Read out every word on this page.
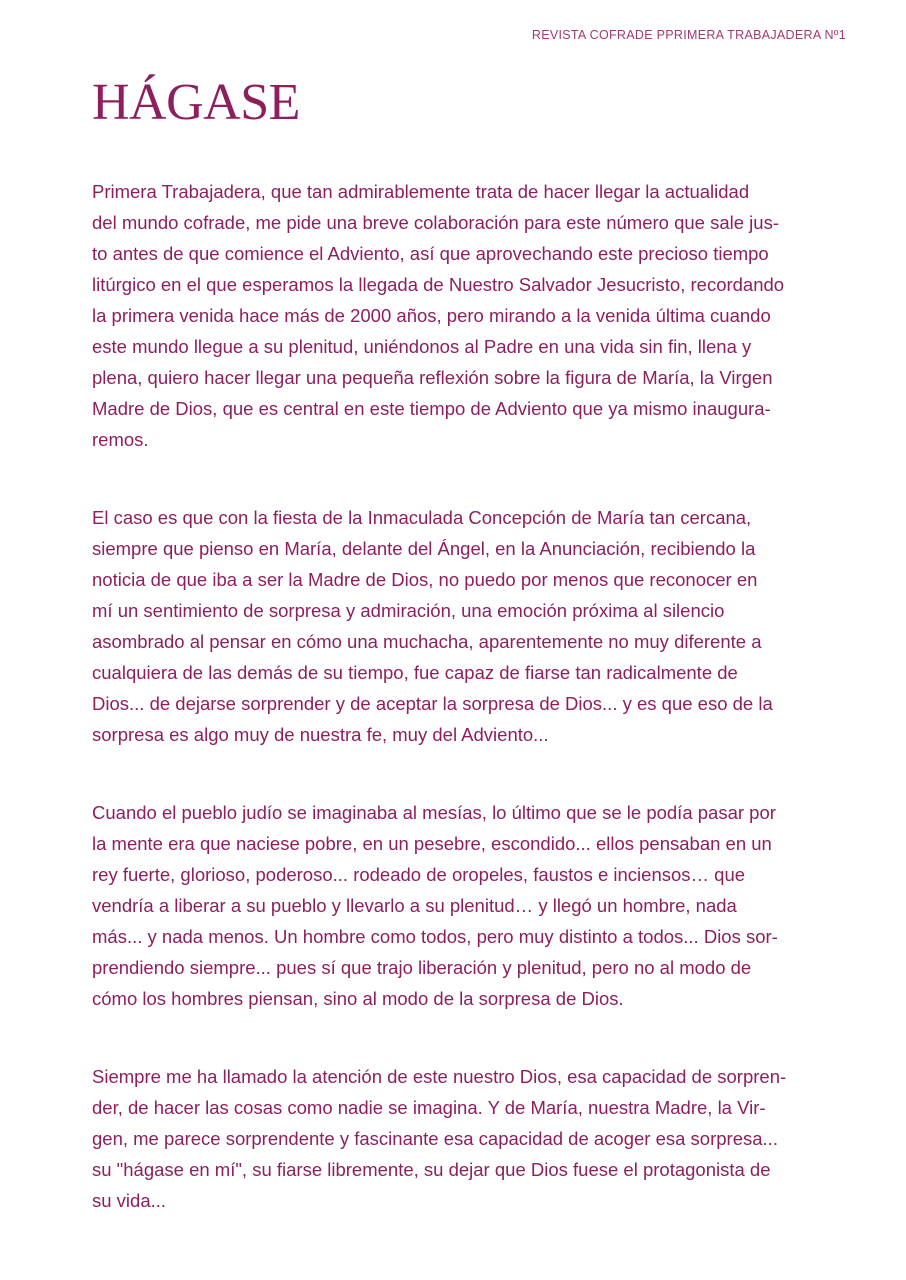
REVISTA COFRADE PPRIMERA TRABAJADERA Nº1
HÁGASE

Primera Trabajadera, que tan admirablemente trata de hacer llegar la actualidad
del mundo cofrade, me pide una breve colaboración para este número que sale jus-
to antes de que comience el Adviento, así que aprovechando este precioso tiempo
litúrgico en el que esperamos la llegada de Nuestro Salvador Jesucristo, recordando
la primera venida hace más de 2000 años, pero mirando a la venida última cuando
este mundo llegue a su plenitud, uniéndonos al Padre en una vida sin fin, llena y
plena, quiero hacer llegar una pequeña reflexión sobre la figura de María, la Virgen
Madre de Dios, que es central en este tiempo de Adviento que ya mismo inaugura-
remos.

El caso es que con la fiesta de la Inmaculada Concepción de María tan cercana,
siempre que pienso en María, delante del Ángel, en la Anunciación, recibiendo la
noticia de que iba a ser la Madre de Dios, no puedo por menos que reconocer en
mí un sentimiento de sorpresa y admiración, una emoción próxima al silencio
asombrado al pensar en cómo una muchacha, aparentemente no muy diferente a
cualquiera de las demás de su tiempo, fue capaz de fiarse tan radicalmente de
Dios... de dejarse sorprender y de aceptar la sorpresa de Dios... y es que eso de la
sorpresa es algo muy de nuestra fe, muy del Adviento...

Cuando el pueblo judío se imaginaba al mesías, lo último que se le podía pasar por
la mente era que naciese pobre, en un pesebre, escondido... ellos pensaban en un
rey fuerte, glorioso, poderoso... rodeado de oropeles, faustos e inciensos… que
vendría a liberar a su pueblo y llevarlo a su plenitud… y llegó un hombre, nada
más... y nada menos. Un hombre como todos, pero muy distinto a todos... Dios sor-
prendiendo siempre... pues sí que trajo liberación y plenitud, pero no al modo de
cómo los hombres piensan, sino al modo de la sorpresa de Dios.

Siempre me ha llamado la atención de este nuestro Dios, esa capacidad de sorpren-
der, de hacer las cosas como nadie se imagina. Y de María, nuestra Madre, la Vir-
gen, me parece sorprendente y fascinante esa capacidad de acoger esa sorpresa...
su "hágase en mí", su fiarse libremente, su dejar que Dios fuese el protagonista de
su vida...
